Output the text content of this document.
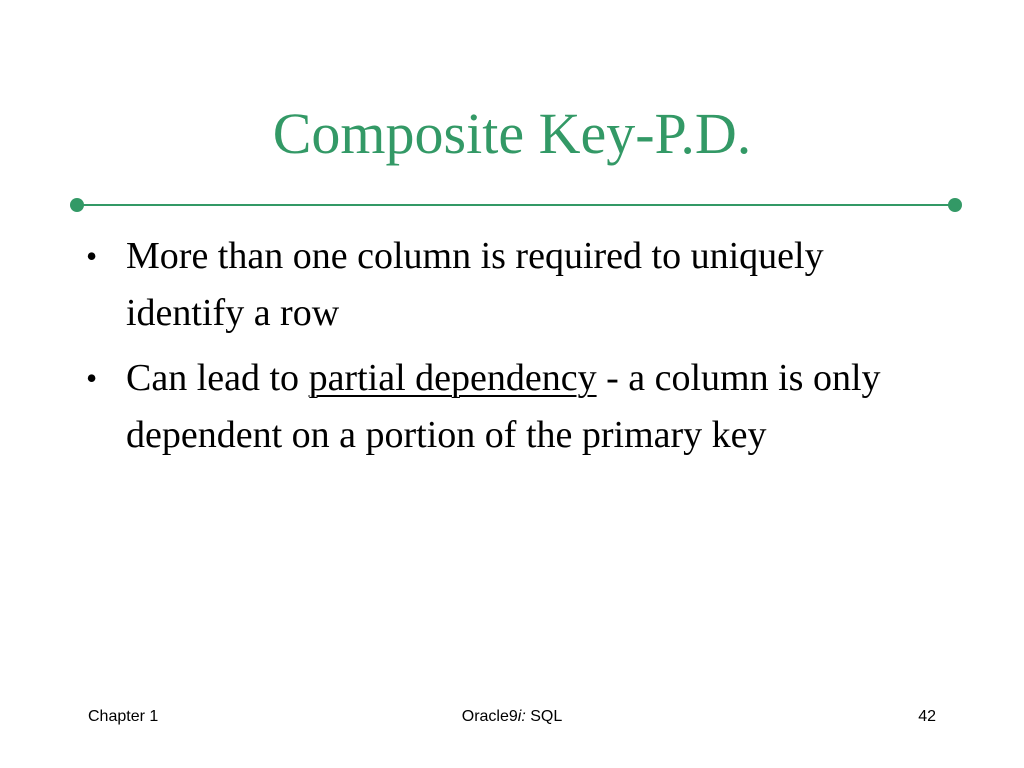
Composite Key-P.D.
• More than one column is required to uniquely identify a row
• Can lead to partial dependency - a column is only dependent on a portion of the primary key
Chapter 1	Oracle9i: SQL	42
